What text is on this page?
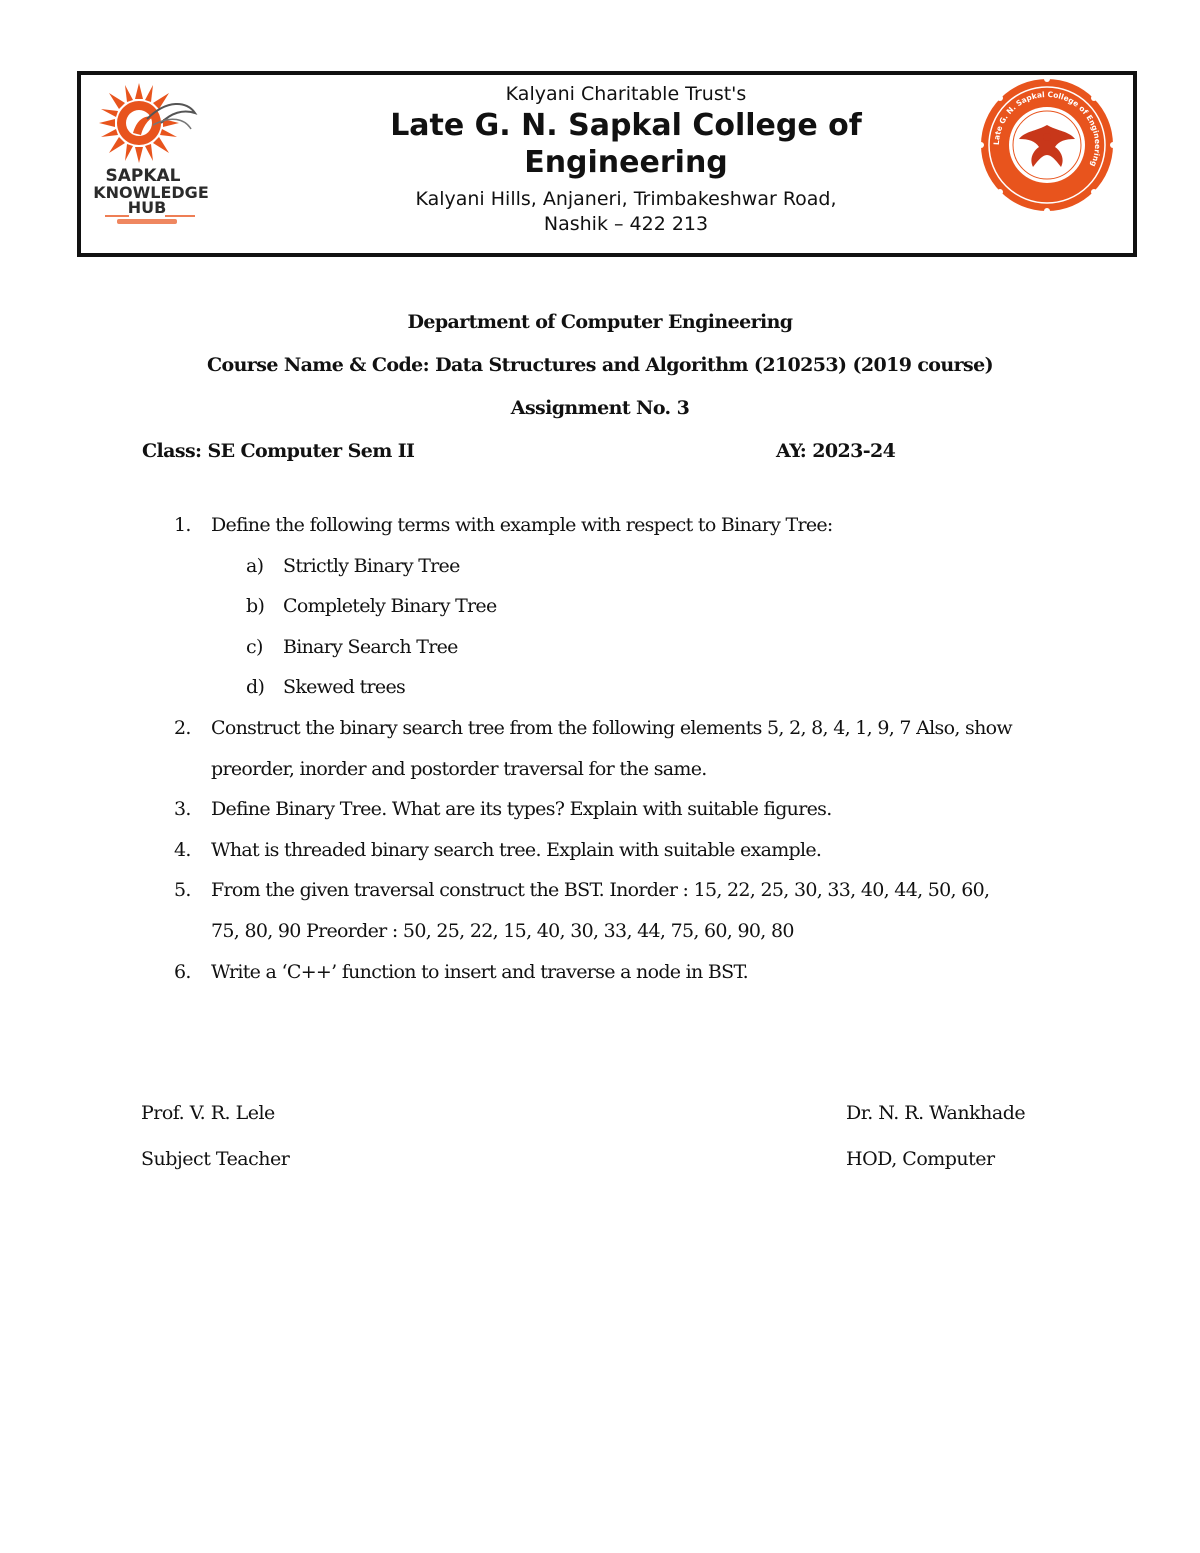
SAPKAL
KNOWLEDGE
HUB
Kalyani Charitable Trust's
Late G. N. Sapkal College of
Engineering
Kalyani Hills, Anjaneri, Trimbakeshwar Road,
Nashik – 422 213
Late G. N. Sapkal College of Engineering
Department of Computer Engineering
Course Name & Code: Data Structures and Algorithm (210253) (2019 course)
Assignment No. 3
Class: SE Computer Sem II	AY: 2023-24
1. Define the following terms with example with respect to Binary Tree:
a) Strictly Binary Tree
b) Completely Binary Tree
c) Binary Search Tree
d) Skewed trees
2. Construct the binary search tree from the following elements 5, 2, 8, 4, 1, 9, 7 Also, show
preorder, inorder and postorder traversal for the same.
3. Define Binary Tree. What are its types? Explain with suitable figures.
4. What is threaded binary search tree. Explain with suitable example.
5. From the given traversal construct the BST. Inorder : 15, 22, 25, 30, 33, 40, 44, 50, 60,
75, 80, 90 Preorder : 50, 25, 22, 15, 40, 30, 33, 44, 75, 60, 90, 80
6. Write a ‘C++’ function to insert and traverse a node in BST.
Prof. V. R. Lele
Subject Teacher
Dr. N. R. Wankhade
HOD, Computer
